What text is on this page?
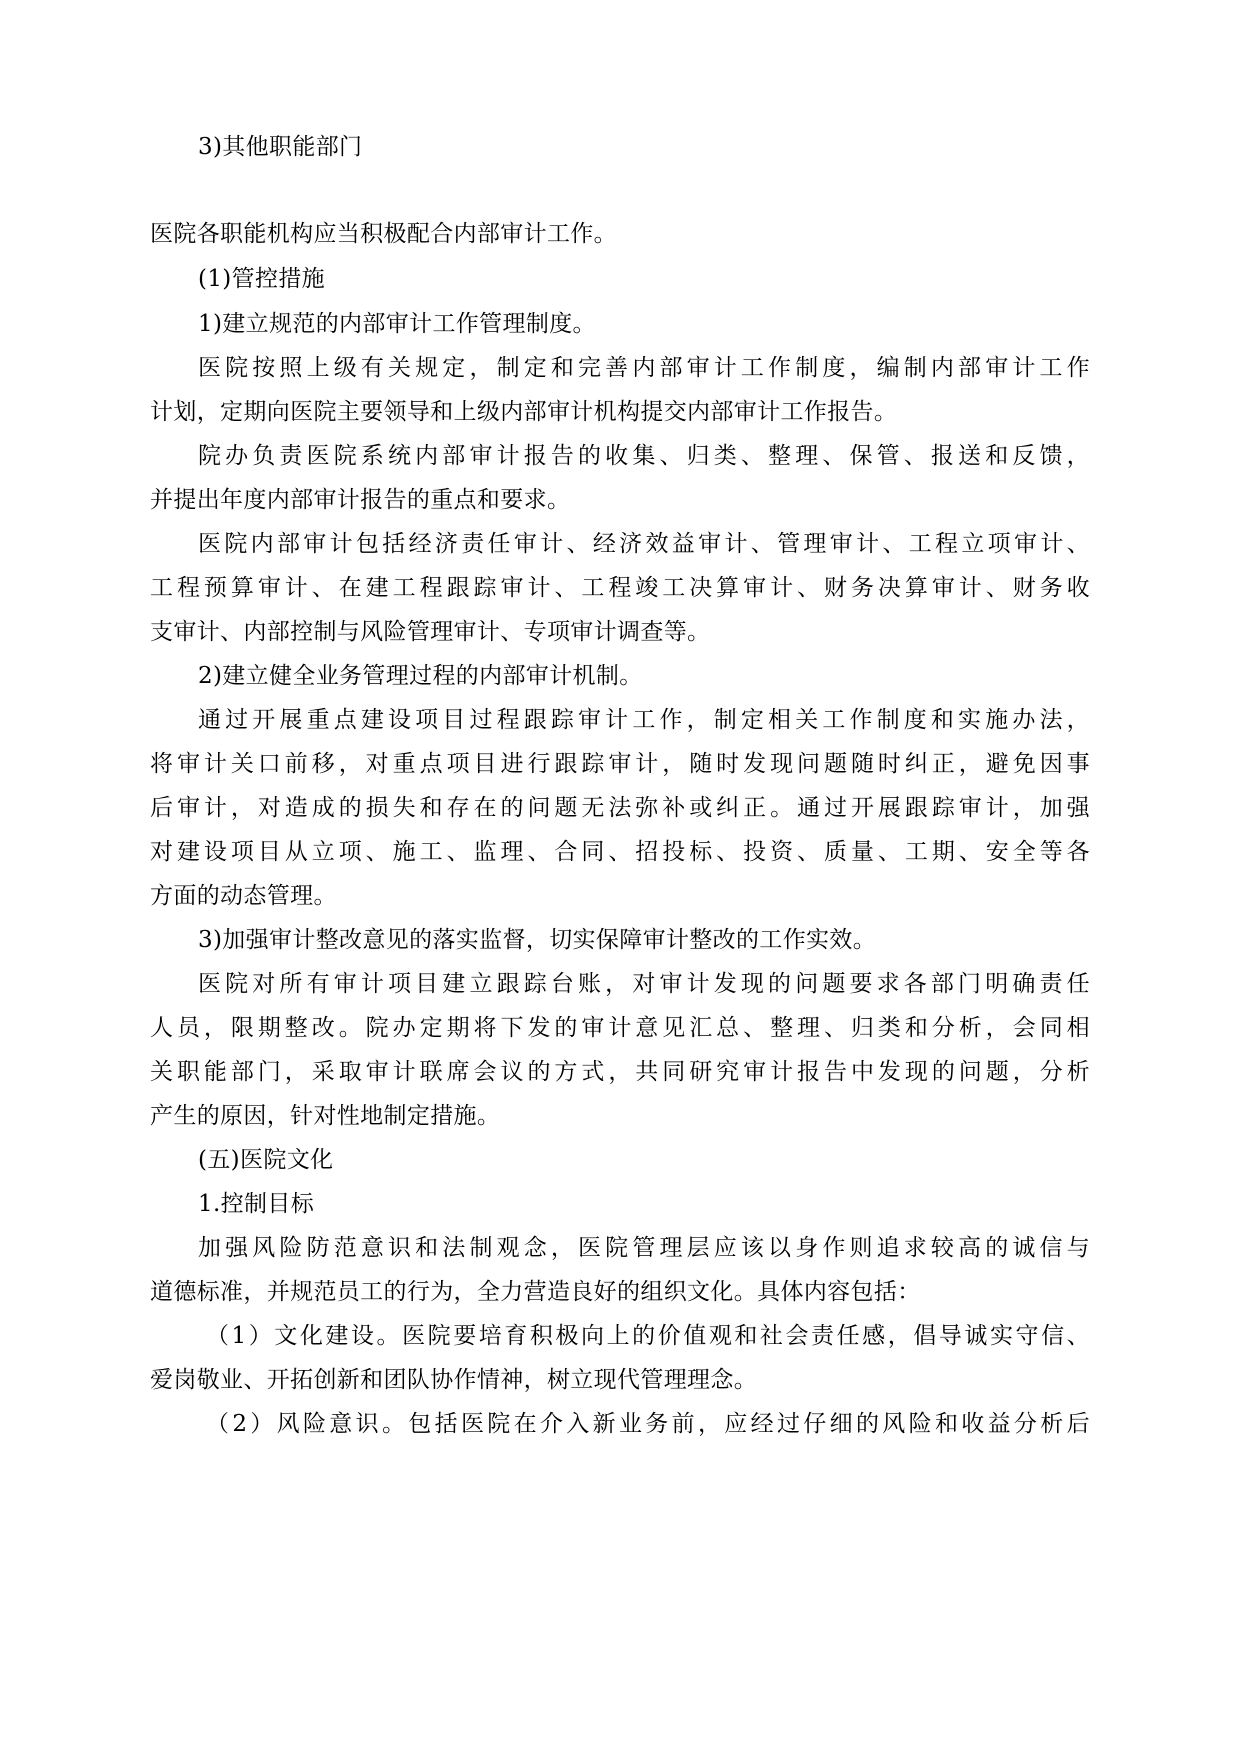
3)其他职能部门
医院各职能机构应当积极配合内部审计工作。
(1)管控措施
1)建立规范的内部审计工作管理制度。
医院按照上级有关规定，制定和完善内部审计工作制度，编制内部审计工作
计划，定期向医院主要领导和上级内部审计机构提交内部审计工作报告。
院办负责医院系统内部审计报告的收集、归类、整理、保管、报送和反馈，
并提出年度内部审计报告的重点和要求。
医院内部审计包括经济责任审计、经济效益审计、管理审计、工程立项审计、
工程预算审计、在建工程跟踪审计、工程竣工决算审计、财务决算审计、财务收
支审计、内部控制与风险管理审计、专项审计调查等。
2)建立健全业务管理过程的内部审计机制。
通过开展重点建设项目过程跟踪审计工作，制定相关工作制度和实施办法，
将审计关口前移，对重点项目进行跟踪审计，随时发现问题随时纠正，避免因事
后审计，对造成的损失和存在的问题无法弥补或纠正。通过开展跟踪审计，加强
对建设项目从立项、施工、监理、合同、招投标、投资、质量、工期、安全等各
方面的动态管理。
3)加强审计整改意见的落实监督，切实保障审计整改的工作实效。
医院对所有审计项目建立跟踪台账，对审计发现的问题要求各部门明确责任
人员，限期整改。院办定期将下发的审计意见汇总、整理、归类和分析，会同相
关职能部门，采取审计联席会议的方式，共同研究审计报告中发现的问题，分析
产生的原因，针对性地制定措施。
(五)医院文化
1.控制目标
加强风险防范意识和法制观念，医院管理层应该以身作则追求较高的诚信与
道德标准，并规范员工的行为，全力营造良好的组织文化。具体内容包括：
（1）文化建设。医院要培育积极向上的价值观和社会责任感，倡导诚实守信、
爱岗敬业、开拓创新和团队协作情神，树立现代管理理念。
（2）风险意识。包括医院在介入新业务前，应经过仔细的风险和收益分析后
